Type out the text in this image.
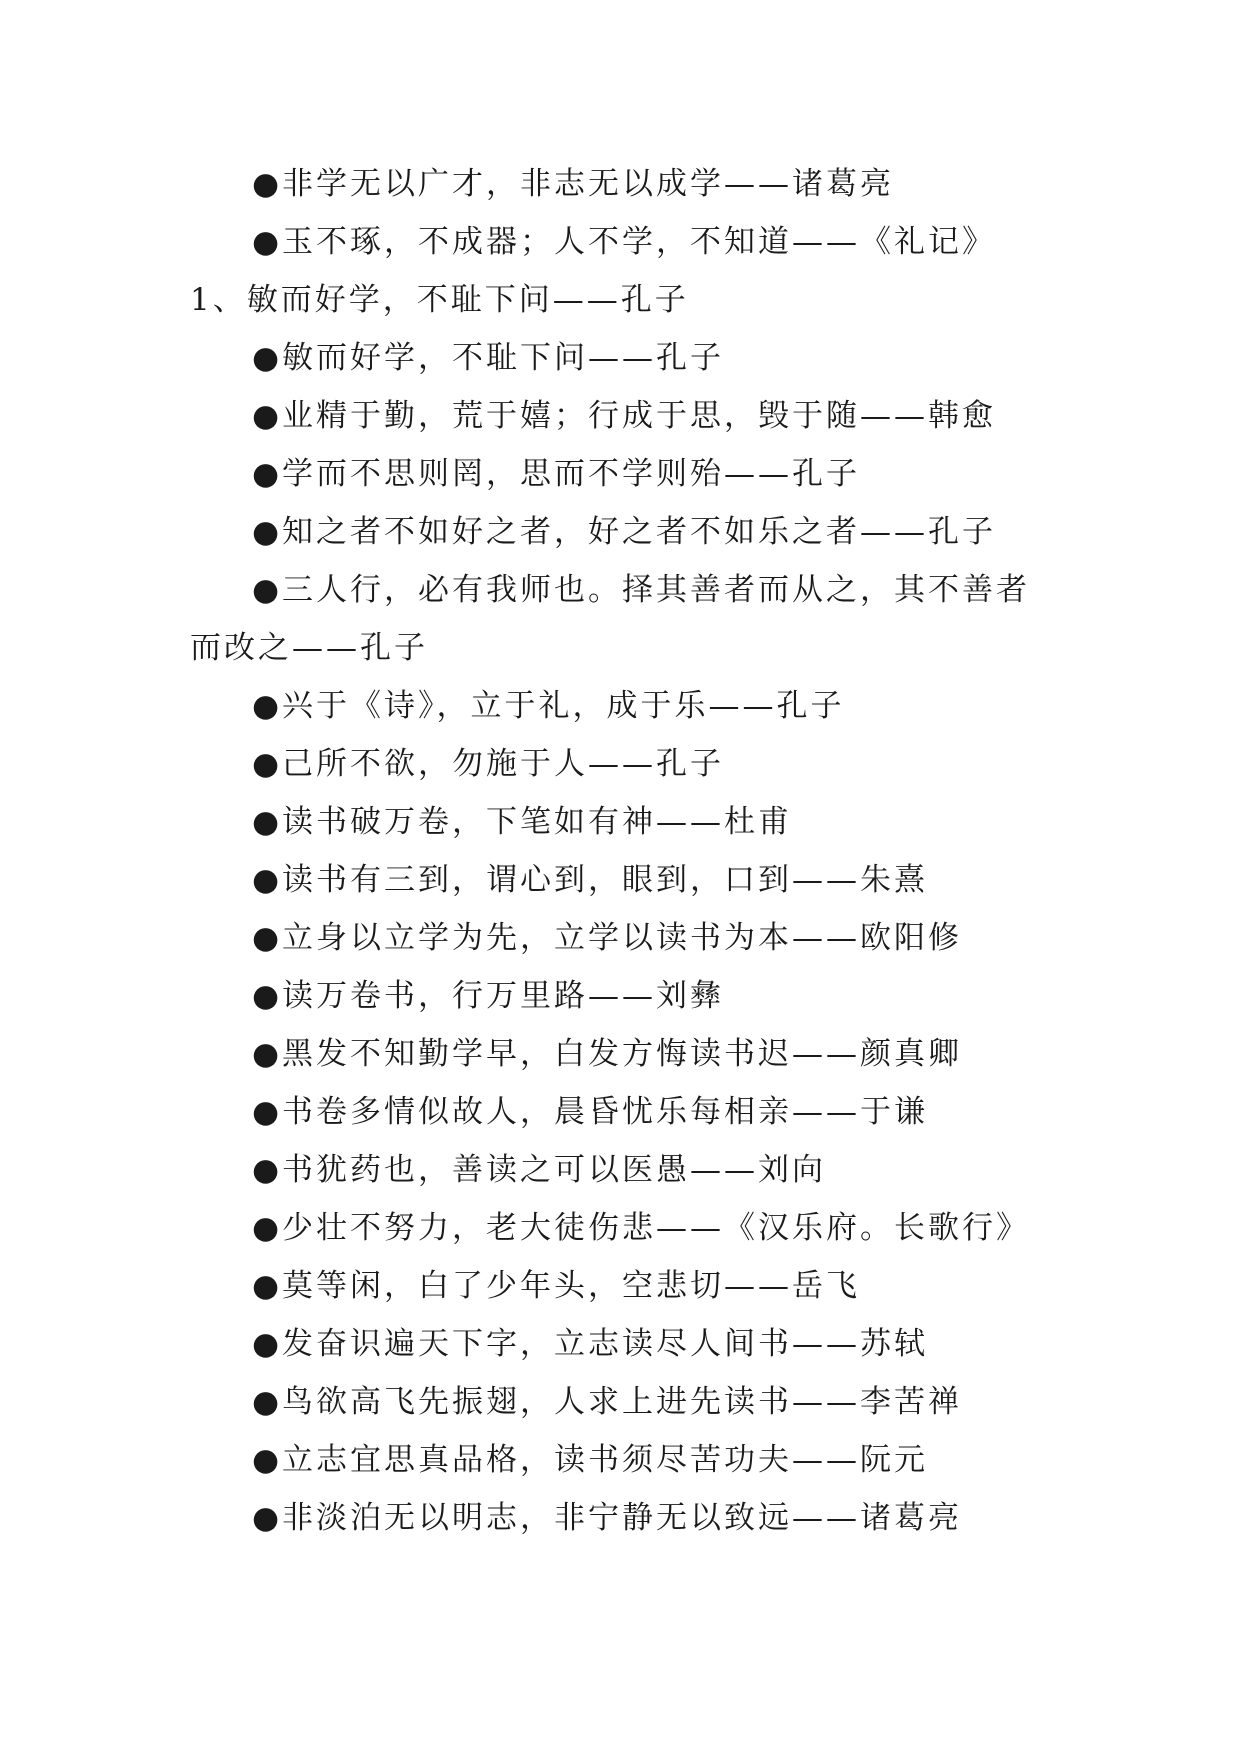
●非学无以广才，非志无以成学——诸葛亮

●玉不琢，不成器；人不学，不知道——《礼记》1、敏而好学，不耻下问——孔子

●敏而好学，不耻下问——孔子

●业精于勤，荒于嬉；行成于思，毁于随——韩愈

●学而不思则罔，思而不学则殆——孔子

●知之者不如好之者，好之者不如乐之者——孔子

●三人行，必有我师也。择其善者而从之，其不善者而改之——孔子

●兴于《诗》，立于礼，成于乐——孔子

●己所不欲，勿施于人——孔子

●读书破万卷，下笔如有神——杜甫

●读书有三到，谓心到，眼到，口到——朱熹

●立身以立学为先，立学以读书为本——欧阳修

●读万卷书，行万里路——刘彝

●黑发不知勤学早，白发方悔读书迟——颜真卿

●书卷多情似故人，晨昏忧乐每相亲——于谦

●书犹药也，善读之可以医愚——刘向

●少壮不努力，老大徒伤悲——《汉乐府。长歌行》

●莫等闲，白了少年头，空悲切——岳飞

●发奋识遍天下字，立志读尽人间书——苏轼

●鸟欲高飞先振翅，人求上进先读书——李苦禅

●立志宜思真品格，读书须尽苦功夫——阮元

●非淡泊无以明志，非宁静无以致远——诸葛亮
